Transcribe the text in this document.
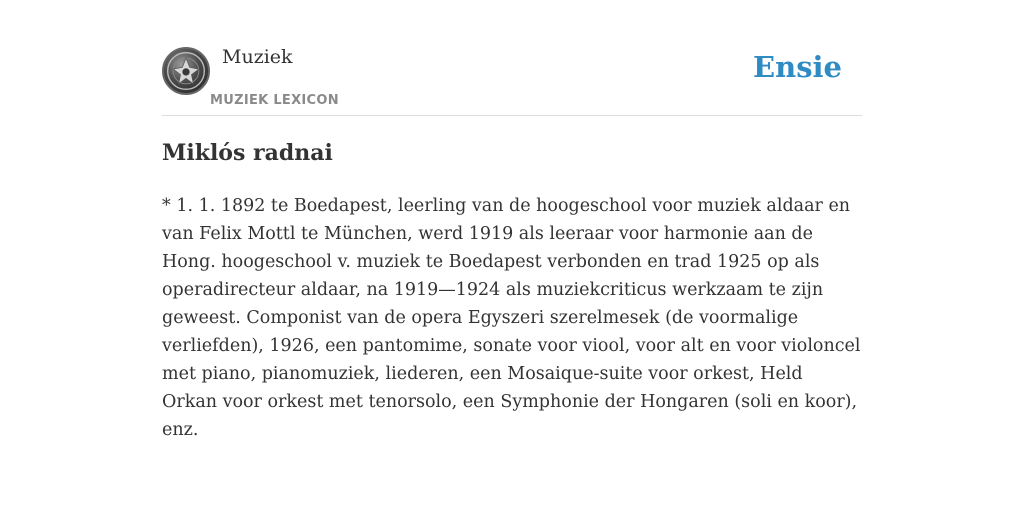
Muziek
MUZIEK LEXICON
Ensie
Miklós radnai

* 1. 1. 1892 te Boedapest, leerling van de hoogeschool voor muziek aldaar en van Felix Mottl te München, werd 1919 als leeraar voor harmonie aan de Hong. hoogeschool v. muziek te Boedapest verbonden en trad 1925 op als operadirecteur aldaar, na 1919—1924 als muziekcriticus werkzaam te zijn geweest. Componist van de opera Egyszeri szerelmesek (de voormalige verliefden), 1926, een pantomime, sonate voor viool, voor alt en voor violoncel met piano, pianomuziek, liederen, een Mosaique-suite voor orkest, Held Orkan voor orkest met tenorsolo, een Symphonie der Hongaren (soli en koor), enz.
